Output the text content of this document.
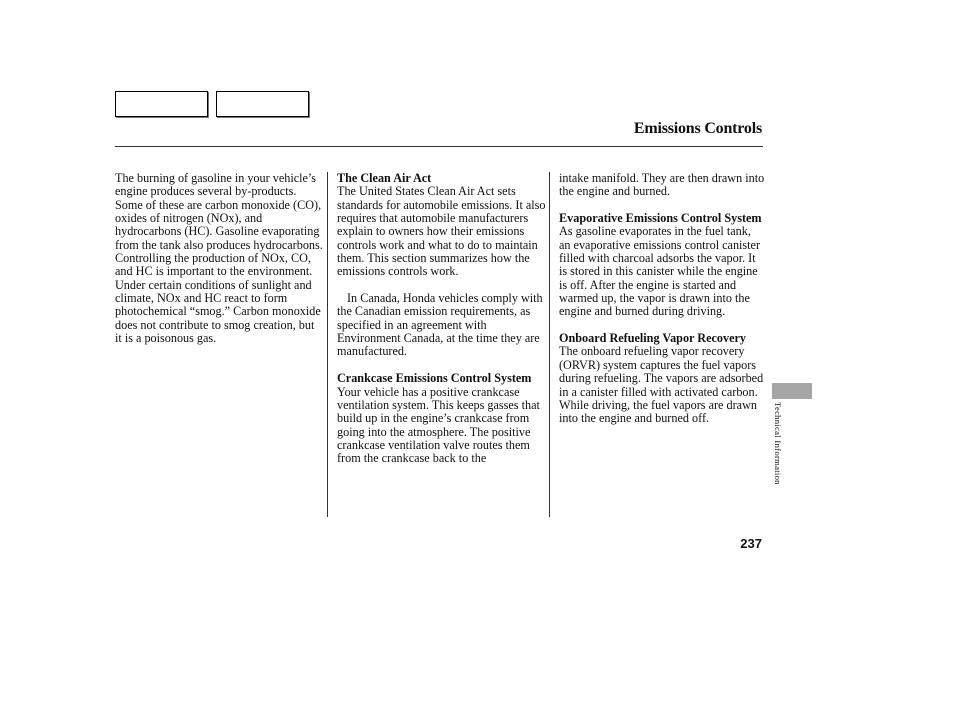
Emissions Controls

The burning of gasoline in your vehicle’s engine produces several by-products. Some of these are carbon monoxide (CO), oxides of nitrogen (NOx), and hydrocarbons (HC). Gasoline evaporating from the tank also produces hydrocarbons. Controlling the production of NOx, CO, and HC is important to the environment. Under certain conditions of sunlight and climate, NOx and HC react to form photochemical “smog.” Carbon monoxide does not contribute to smog creation, but it is a poisonous gas.

The Clean Air Act

The United States Clean Air Act sets standards for automobile emissions. It also requires that automobile manufacturers explain to owners how their emissions controls work and what to do to maintain them. This section summarizes how the emissions controls work.

In Canada, Honda vehicles comply with the Canadian emission requirements, as specified in an agreement with Environment Canada, at the time they are manufactured.

Crankcase Emissions Control System

Your vehicle has a positive crankcase ventilation system. This keeps gasses that build up in the engine’s crankcase from going into the atmosphere. The positive crankcase ventilation valve routes them from the crankcase back to the

intake manifold. They are then drawn into the engine and burned.

Evaporative Emissions Control System

As gasoline evaporates in the fuel tank, an evaporative emissions control canister filled with charcoal adsorbs the vapor. It is stored in this canister while the engine is off. After the engine is started and warmed up, the vapor is drawn into the engine and burned during driving.

Onboard Refueling Vapor Recovery

The onboard refueling vapor recovery (ORVR) system captures the fuel vapors during refueling. The vapors are adsorbed in a canister filled with activated carbon. While driving, the fuel vapors are drawn into the engine and burned off.	Technical Information
237
